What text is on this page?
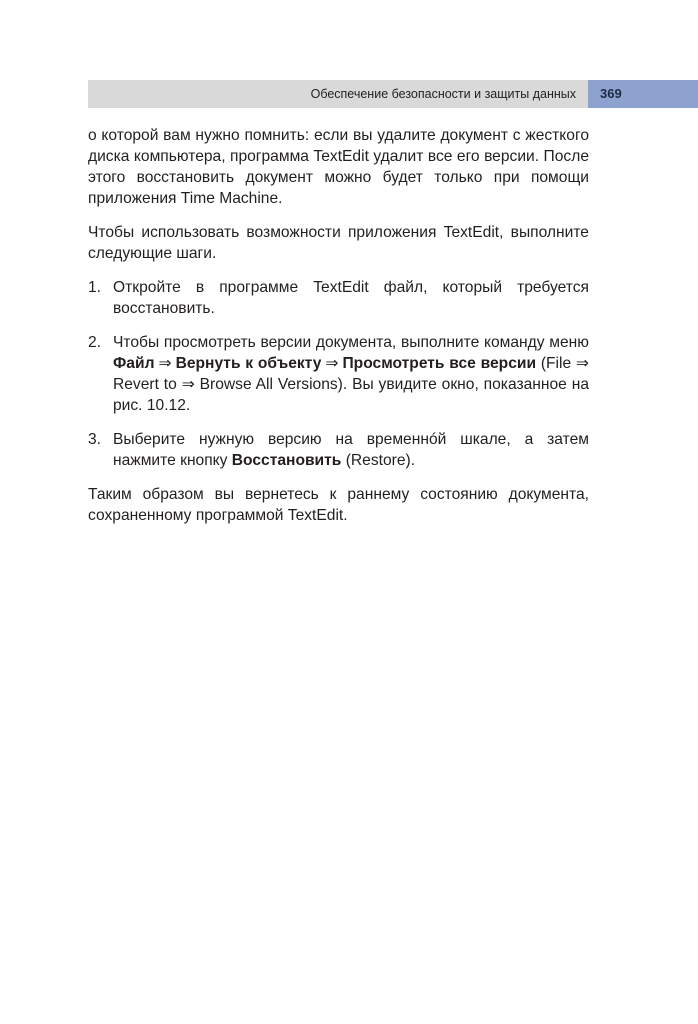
Обеспечение безопасности и защиты данных 369

о которой вам нужно помнить: если вы удалите документ с жесткого диска компьютера, программа TextEdit удалит все его версии. После этого восстановить документ можно будет только при помощи приложения Time Machine.

Чтобы использовать возможности приложения TextEdit, выполните следующие шаги.

1. Откройте в программе TextEdit файл, который требуется восстановить.
2. Чтобы просмотреть версии документа, выполните команду меню Файл ⇒ Вернуть к объекту ⇒ Просмотреть все версии (File ⇒ Revert to ⇒ Browse All Versions). Вы увидите окно, показанное на рис. 10.12.
3. Выберите нужную версию на временнóй шкале, а затем нажмите кнопку Восстановить (Restore).

Таким образом вы вернетесь к раннему состоянию документа, сохраненному программой TextEdit.
